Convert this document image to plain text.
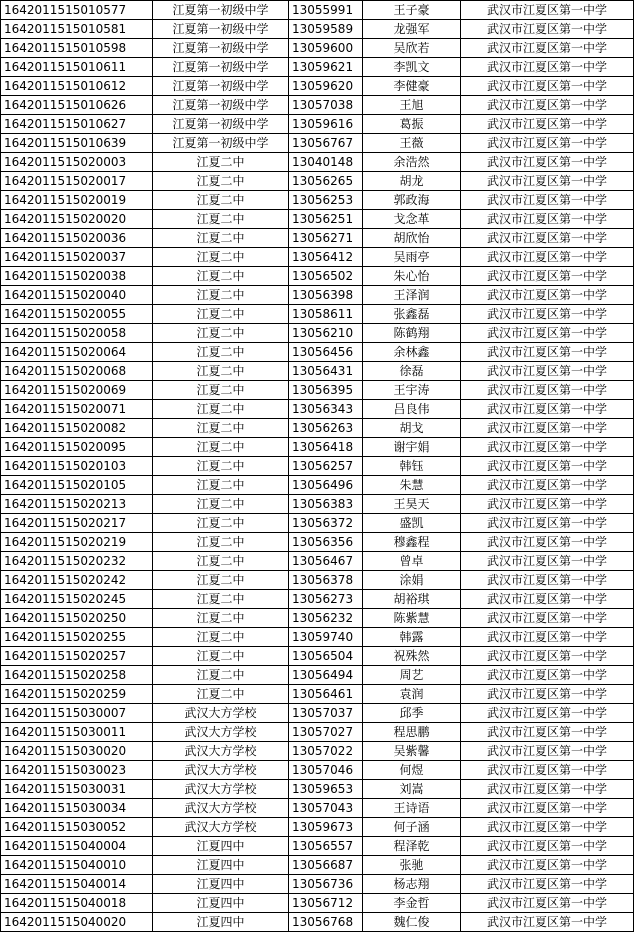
1642011515010577	江夏第一初级中学	13055991	王子豪	武汉市江夏区第一中学
1642011515010581	江夏第一初级中学	13059589	龙强军	武汉市江夏区第一中学
1642011515010598	江夏第一初级中学	13059600	吴欣若	武汉市江夏区第一中学
1642011515010611	江夏第一初级中学	13059621	李凯文	武汉市江夏区第一中学
1642011515010612	江夏第一初级中学	13059620	李健豪	武汉市江夏区第一中学
1642011515010626	江夏第一初级中学	13057038	王旭	武汉市江夏区第一中学
1642011515010627	江夏第一初级中学	13059616	葛振	武汉市江夏区第一中学
1642011515010639	江夏第一初级中学	13056767	王薇	武汉市江夏区第一中学
1642011515020003	江夏二中	13040148	余浩然	武汉市江夏区第一中学
1642011515020017	江夏二中	13056265	胡龙	武汉市江夏区第一中学
1642011515020019	江夏二中	13056253	郭政海	武汉市江夏区第一中学
1642011515020020	江夏二中	13056251	戈念革	武汉市江夏区第一中学
1642011515020036	江夏二中	13056271	胡欣怡	武汉市江夏区第一中学
1642011515020037	江夏二中	13056412	吴雨亭	武汉市江夏区第一中学
1642011515020038	江夏二中	13056502	朱心怡	武汉市江夏区第一中学
1642011515020040	江夏二中	13056398	王泽润	武汉市江夏区第一中学
1642011515020055	江夏二中	13058611	张鑫磊	武汉市江夏区第一中学
1642011515020058	江夏二中	13056210	陈鹤翔	武汉市江夏区第一中学
1642011515020064	江夏二中	13056456	余林鑫	武汉市江夏区第一中学
1642011515020068	江夏二中	13056431	徐磊	武汉市江夏区第一中学
1642011515020069	江夏二中	13056395	王宇涛	武汉市江夏区第一中学
1642011515020071	江夏二中	13056343	吕良伟	武汉市江夏区第一中学
1642011515020082	江夏二中	13056263	胡戈	武汉市江夏区第一中学
1642011515020095	江夏二中	13056418	谢宇娟	武汉市江夏区第一中学
1642011515020103	江夏二中	13056257	韩钰	武汉市江夏区第一中学
1642011515020105	江夏二中	13056496	朱慧	武汉市江夏区第一中学
1642011515020213	江夏二中	13056383	王昊天	武汉市江夏区第一中学
1642011515020217	江夏二中	13056372	盛凯	武汉市江夏区第一中学
1642011515020219	江夏二中	13056356	穆鑫程	武汉市江夏区第一中学
1642011515020232	江夏二中	13056467	曾卓	武汉市江夏区第一中学
1642011515020242	江夏二中	13056378	涂娟	武汉市江夏区第一中学
1642011515020245	江夏二中	13056273	胡裕琪	武汉市江夏区第一中学
1642011515020250	江夏二中	13056232	陈紫慧	武汉市江夏区第一中学
1642011515020255	江夏二中	13059740	韩露	武汉市江夏区第一中学
1642011515020257	江夏二中	13056504	祝殊然	武汉市江夏区第一中学
1642011515020258	江夏二中	13056494	周艺	武汉市江夏区第一中学
1642011515020259	江夏二中	13056461	袁润	武汉市江夏区第一中学
1642011515030007	武汉大方学校	13057037	邱季	武汉市江夏区第一中学
1642011515030011	武汉大方学校	13057027	程思鹏	武汉市江夏区第一中学
1642011515030020	武汉大方学校	13057022	吴紫馨	武汉市江夏区第一中学
1642011515030023	武汉大方学校	13057046	何煜	武汉市江夏区第一中学
1642011515030031	武汉大方学校	13059653	刘嵩	武汉市江夏区第一中学
1642011515030034	武汉大方学校	13057043	王诗语	武汉市江夏区第一中学
1642011515030052	武汉大方学校	13059673	何子涵	武汉市江夏区第一中学
1642011515040004	江夏四中	13056557	程泽乾	武汉市江夏区第一中学
1642011515040010	江夏四中	13056687	张驰	武汉市江夏区第一中学
1642011515040014	江夏四中	13056736	杨志翔	武汉市江夏区第一中学
1642011515040018	江夏四中	13056712	李金哲	武汉市江夏区第一中学
1642011515040020	江夏四中	13056768	魏仁俊	武汉市江夏区第一中学
